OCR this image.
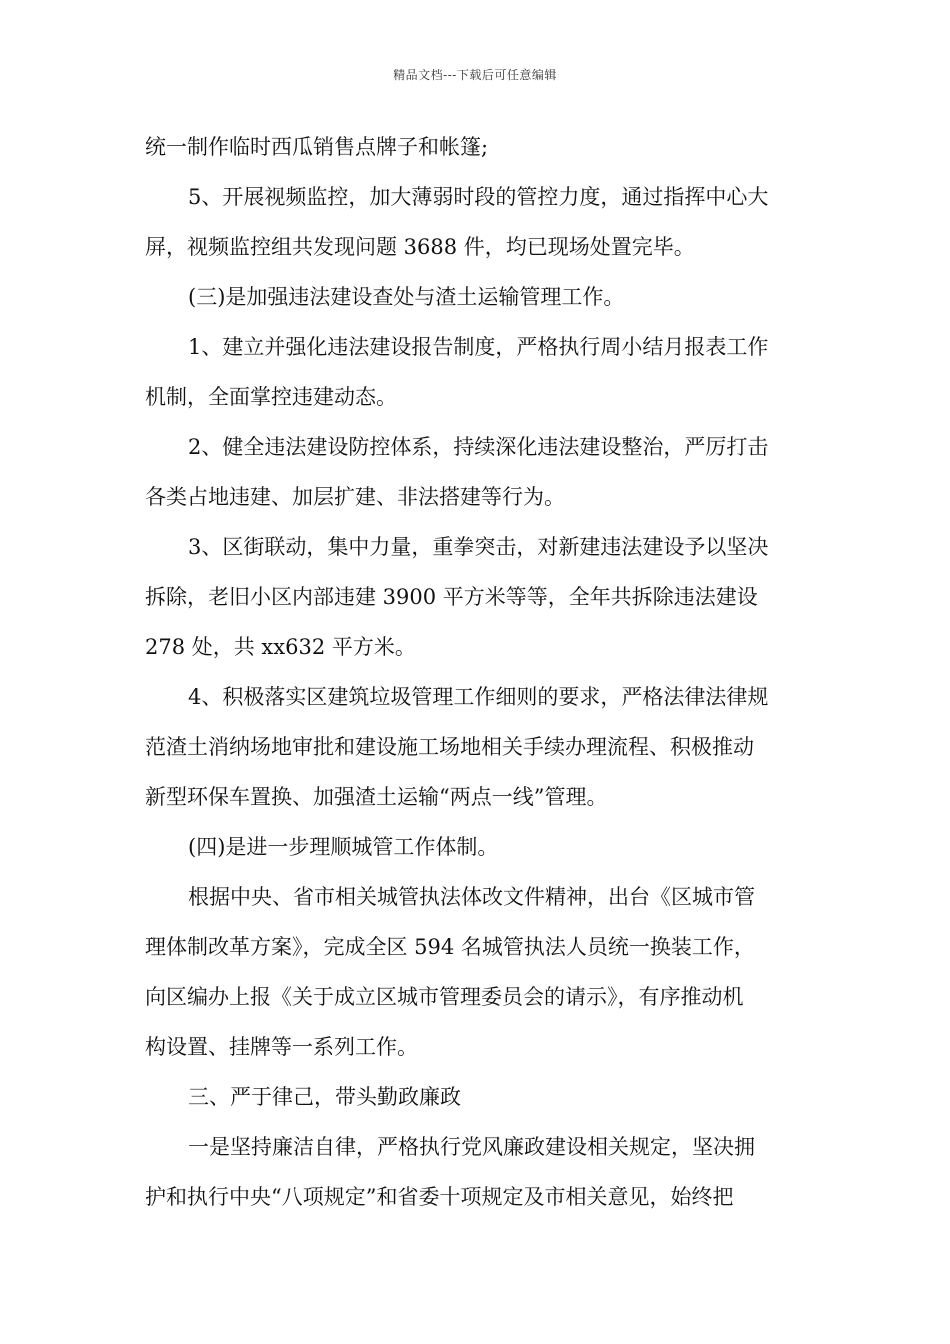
精品文档---下载后可任意编辑
统一制作临时西瓜销售点牌子和帐篷;
5、开展视频监控，加大薄弱时段的管控力度，通过指挥中心大
屏，视频监控组共发现问题 3688 件，均已现场处置完毕。
(三)是加强违法建设查处与渣土运输管理工作。
1、建立并强化违法建设报告制度，严格执行周小结月报表工作
机制，全面掌控违建动态。
2、健全违法建设防控体系，持续深化违法建设整治，严厉打击
各类占地违建、加层扩建、非法搭建等行为。
3、区街联动，集中力量，重拳突击，对新建违法建设予以坚决
拆除，老旧小区内部违建 3900 平方米等等，全年共拆除违法建设
278 处，共 xx632 平方米。
4、积极落实区建筑垃圾管理工作细则的要求，严格法律法律规
范渣土消纳场地审批和建设施工场地相关手续办理流程、积极推动
新型环保车置换、加强渣土运输“两点一线”管理。
(四)是进一步理顺城管工作体制。
根据中央、省市相关城管执法体改文件精神，出台《区城市管
理体制改革方案》，完成全区 594 名城管执法人员统一换装工作，
向区编办上报《关于成立区城市管理委员会的请示》，有序推动机
构设置、挂牌等一系列工作。
三、严于律己，带头勤政廉政
一是坚持廉洁自律，严格执行党风廉政建设相关规定，坚决拥
护和执行中央“八项规定”和省委十项规定及市相关意见，始终把
